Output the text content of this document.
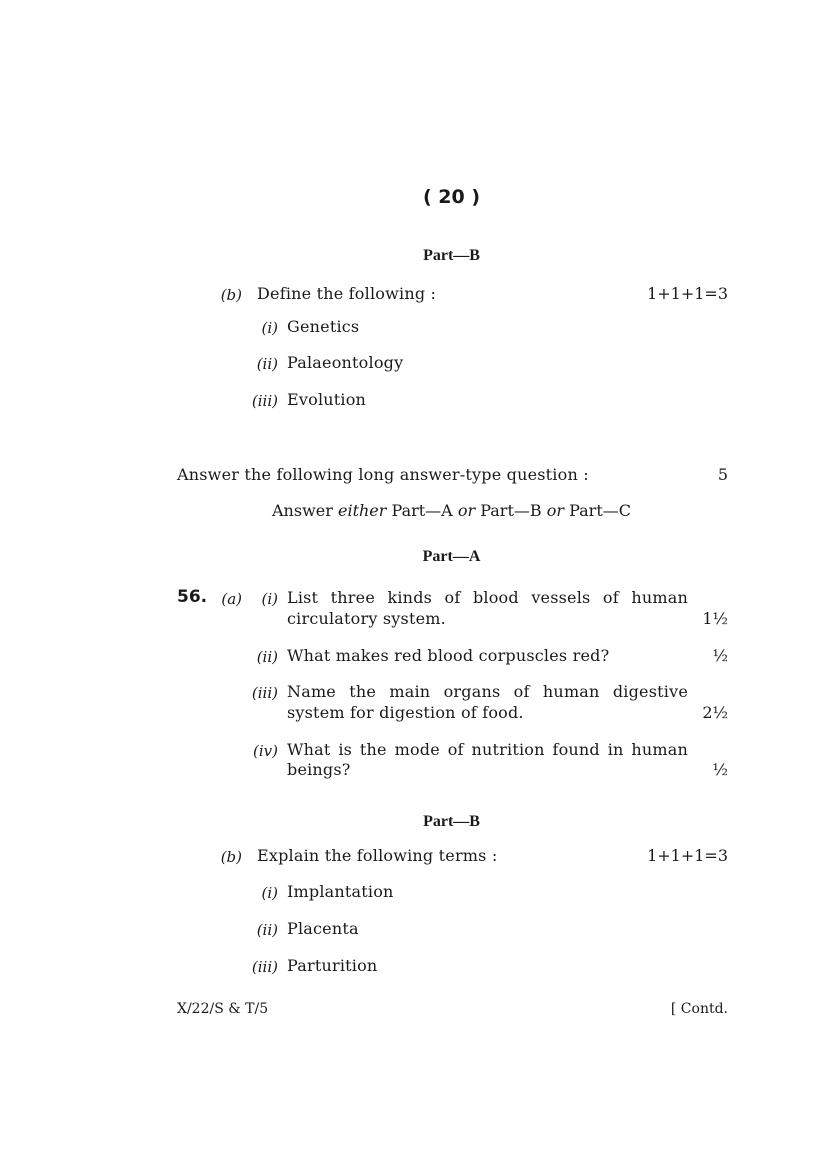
( 20 )
Part—B
(b) Define the following :	1+1+1=3
(i) Genetics
(ii) Palaeontology
(iii) Evolution
Answer the following long answer-type question :	5
Answer either Part—A or Part—B or Part—C
Part—A
56. (a)	(i) List three kinds of blood vessels of human
circulatory system.	1½
(ii) What makes red blood corpuscles red?	½
(iii) Name the main organs of human digestive
system for digestion of food.	2½
(iv) What is the mode of nutrition found in human
beings?	½
Part—B
(b) Explain the following terms :	1+1+1=3
(i) Implantation
(ii) Placenta
(iii) Parturition
X/22/S & T/5	[ Contd.
